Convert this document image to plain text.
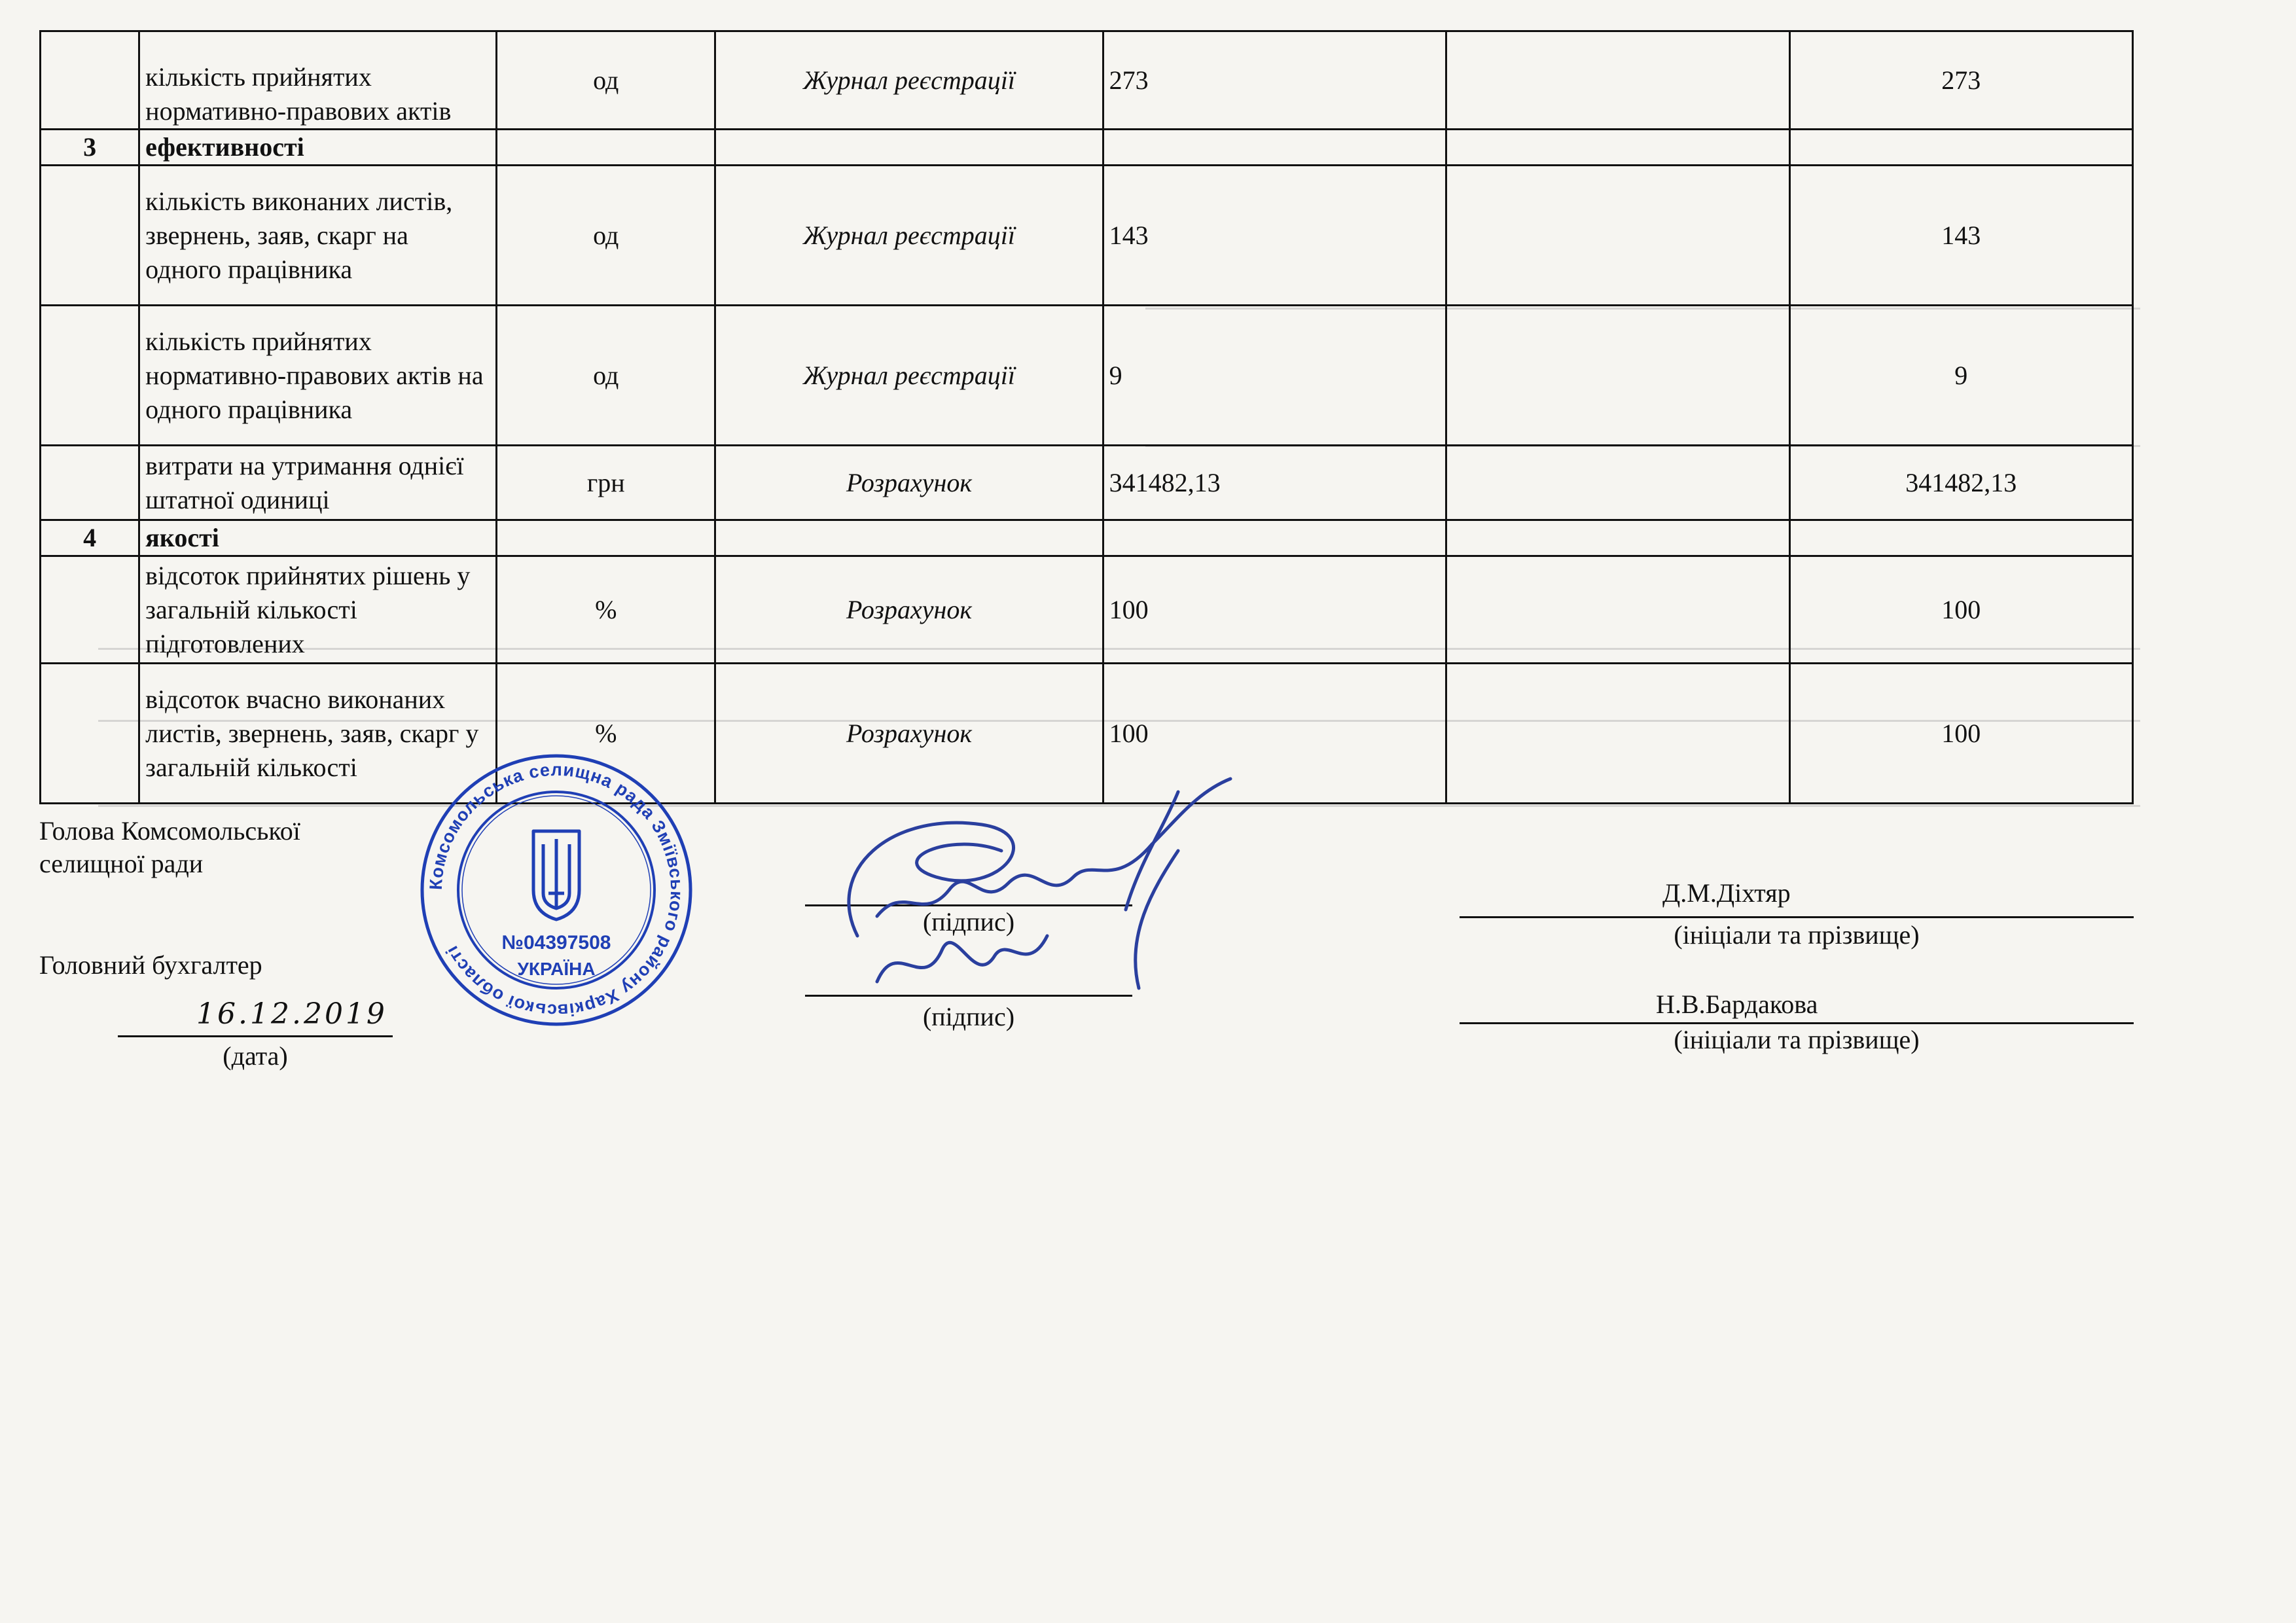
	кількість прийнятих нормативно-правових актів	од	Журнал реєстрації	273		273
3	ефективності					
	кількість виконаних листів, звернень, заяв, скарг на одного працівника	од	Журнал реєстрації	143		143
	кількість прийнятих нормативно-правових актів на одного працівника	од	Журнал реєстрації	9		9
	витрати на утримання однієї штатної одиниці	грн	Розрахунок	341482,13		341482,13
4	якості					
	відсоток прийнятих рішень у загальній кількості підготовлених	%	Розрахунок	100		100
	відсоток вчасно виконаних листів, звернень, заяв, скарг у загальній кількості	%	Розрахунок	100		100
Голова Комсомольської
селищної ради
(підпис)
Д.М.Діхтяр
(ініціали та прізвище)
Головний бухгалтер
(підпис)	Н.В.Бардакова
(ініціали та прізвище)
16.12.2019
(дата)
Комсомольська селищна рада Зміївського району Харківської області	№04397508
УКРАЇНА
